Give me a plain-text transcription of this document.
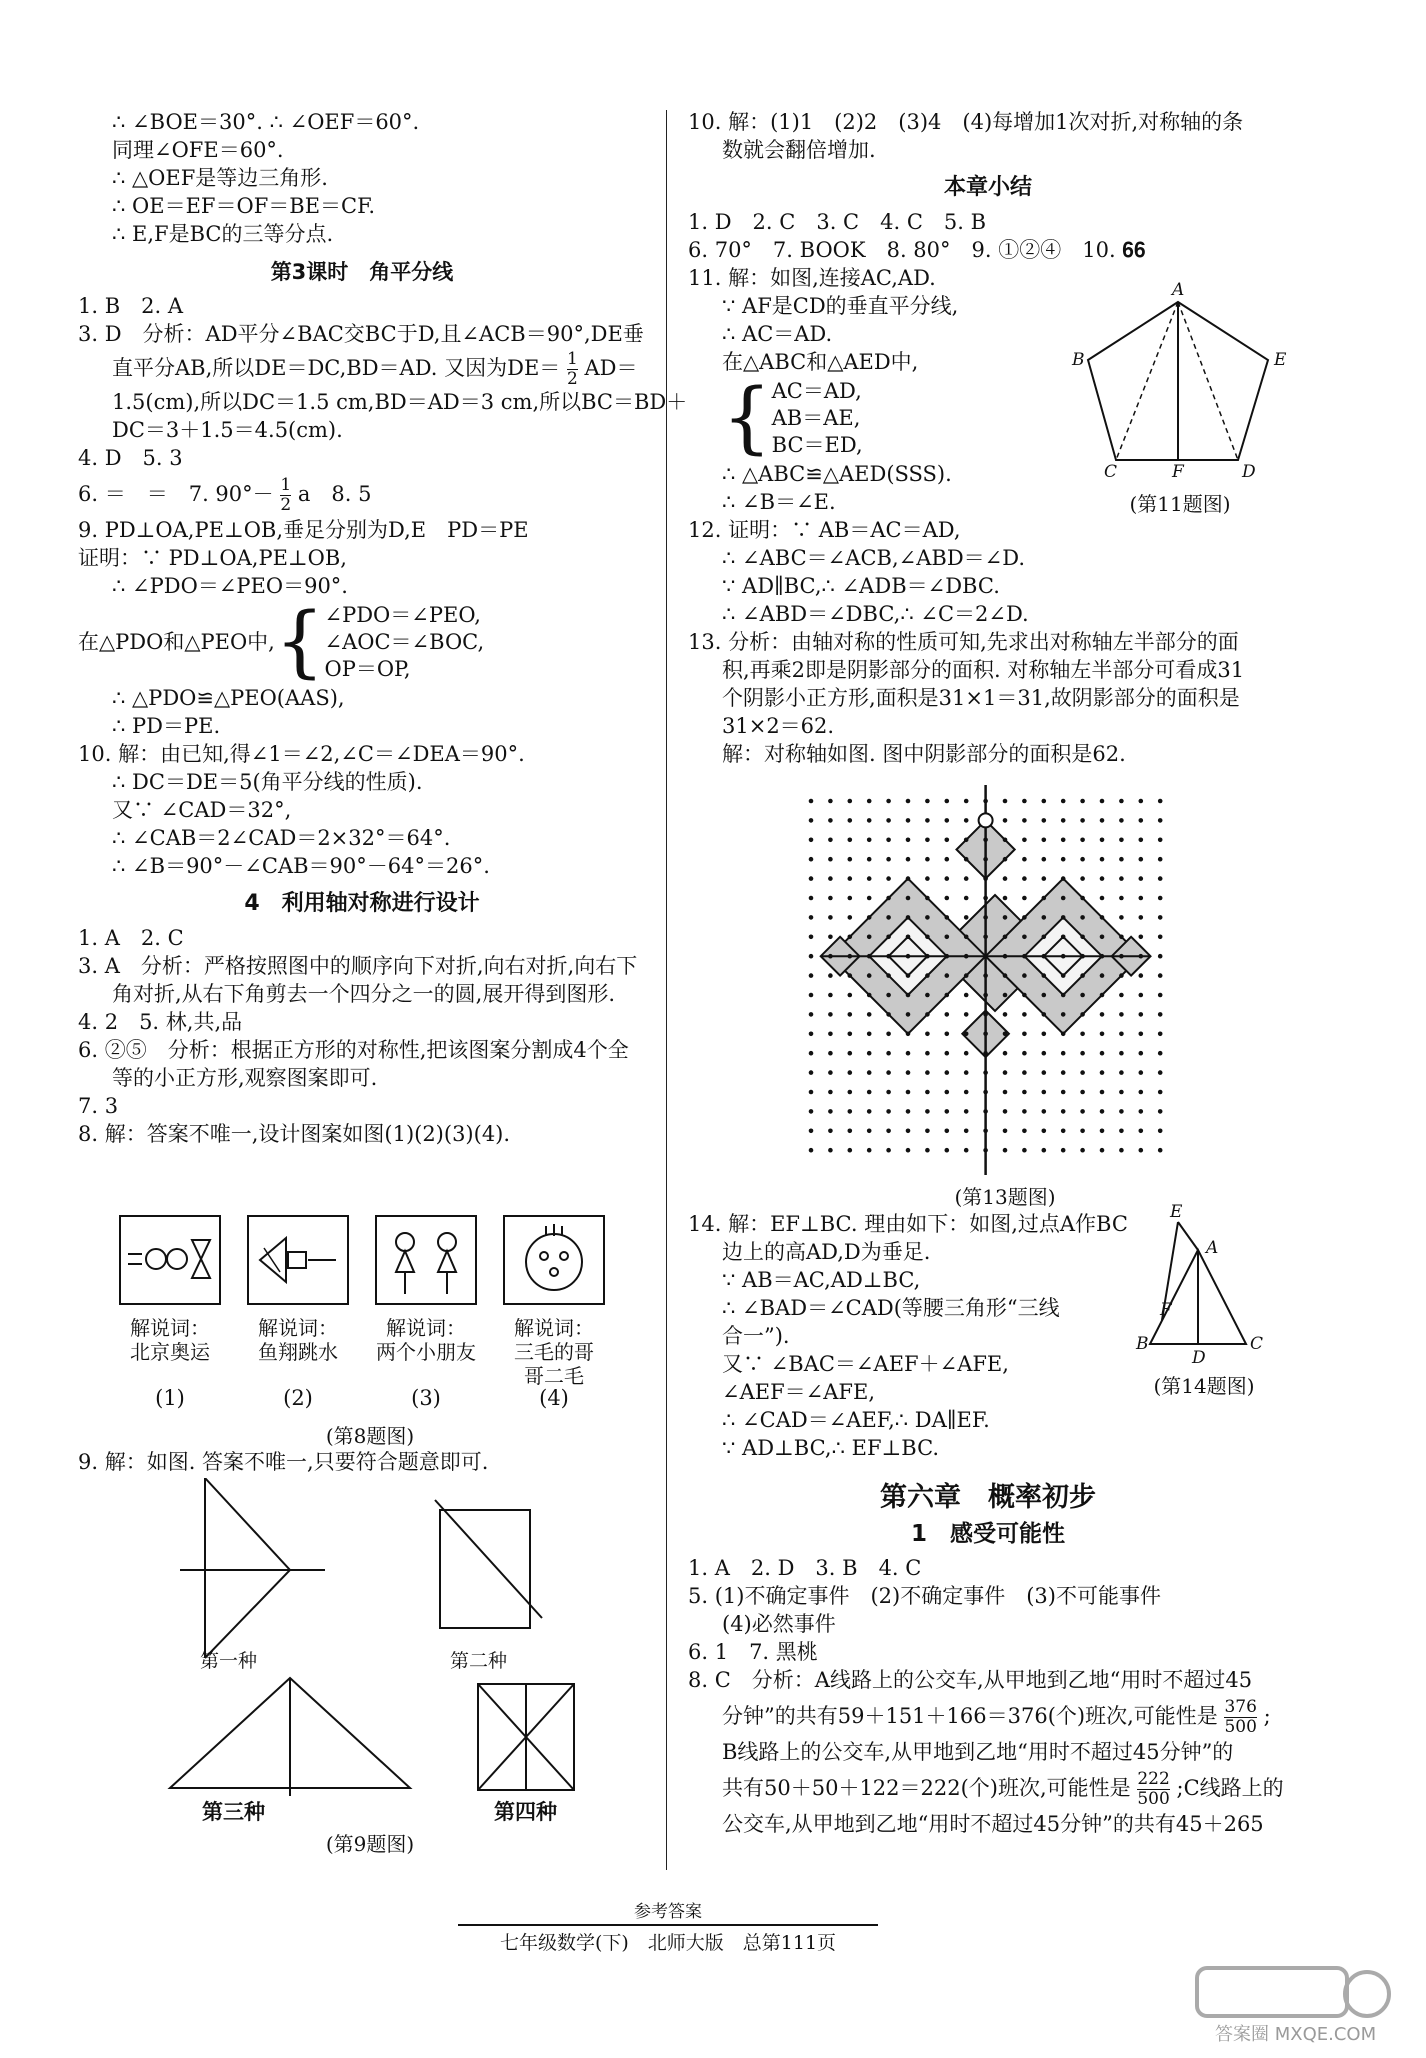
∴ ∠BOE＝30°. ∴ ∠OEF＝60°.
同理∠OFE＝60°.
∴ △OEF是等边三角形.
∴ OE＝EF＝OF＝BE＝CF.
∴ E,F是BC的三等分点.
第3课时　角平分线
1. B　2. A
3. D　分析：AD平分∠BAC交BC于D,且∠ACB＝90°,DE垂
直平分AB,所以DE＝DC,BD＝AD. 又因为$DE= \frac{1}{2} AD=$
1.5(cm),所以DC＝1.5 cm,BD＝AD＝3 cm,所以BC＝BD＋
DC＝3＋1.5＝4.5(cm).
4. D　5. 3
6. ＝　＝　7. $90^\circ- \frac{1}{2}$ a　8. 5
9. PD⊥OA,PE⊥OB,垂足分别为D,E　PD＝PE
证明：∵ PD⊥OA,PE⊥OB,
∴ ∠PDO＝∠PEO＝90°.
在△PDO和△PEO中, { ∠PDO＝∠PEO,
∠AOC＝∠BOC,
OP＝OP,
∴ △PDO≌△PEO(AAS),
∴ PD＝PE.
10. 解：由已知,得∠1＝∠2,∠C＝∠DEA＝90°.
∴ DC＝DE＝5(角平分线的性质).
又∵ ∠CAD＝32°,
∴ ∠CAB＝2∠CAD＝2×32°＝64°.
∴ ∠B＝90°－∠CAB＝90°－64°＝26°.
4　利用轴对称进行设计
1. A　2. C
3. A　分析：严格按照图中的顺序向下对折,向右对折,向右下
角对折,从右下角剪去一个四分之一的圆,展开得到图形.
4. 2　5. 林,共,品
6. ②⑤　分析：根据正方形的对称性,把该图案分割成4个全
等的小正方形,观察图案即可.
7. 3
8. 解：答案不唯一,设计图案如图(1)(2)(3)(4).
解说词：
北京奥运
解说词：
鱼翔跳水
解说词：
两个小朋友
解说词：
三毛的哥
哥二毛
(1)	(2)	(3)	(4)
(第8题图)
9. 解：如图. 答案不唯一,只要符合题意即可.
第一种	第二种
第三种	第四种
(第9题图)
10. 解：(1)1　(2)2　(3)4　(4)每增加1次对折,对称轴的条
数就会翻倍增加.
本章小结
1. D　2. C　3. C　4. C　5. B
6. 70°　7. BOOK　8. 80°　9. ①②④　10. 𝟔𝟔
11. 解：如图,连接AC,AD.
∵ AF是CD的垂直平分线,
∴ AC＝AD.
在△ABC和△AED中,
{ AC＝AD,
AB＝AE,
BC＝ED,
∴ △ABC≌△AED(SSS).
∴ ∠B＝∠E.
12. 证明：∵ AB＝AC＝AD,
∴ ∠ABC＝∠ACB,∠ABD＝∠D.
∵ AD∥BC,∴ ∠ADB＝∠DBC.
∴ ∠ABD＝∠DBC,∴ ∠C＝2∠D.
13. 分析：由轴对称的性质可知,先求出对称轴左半部分的面
积,再乘2即是阴影部分的面积. 对称轴左半部分可看成31
个阴影小正方形,面积是31×1＝31,故阴影部分的面积是
31×2＝62.
解：对称轴如图. 图中阴影部分的面积是62.
A
B	E
C	F	D
(第11题图)
(第13题图)
14. 解：EF⊥BC. 理由如下：如图,过点A作BC
边上的高AD,D为垂足.
∵ AB＝AC,AD⊥BC,
∴ ∠BAD＝∠CAD(等腰三角形“三线
合一”).
又∵ ∠BAC＝∠AEF＋∠AFE,
∠AEF＝∠AFE,
∴ ∠CAD＝∠AEF,∴ DA∥EF.
∵ AD⊥BC,∴ EF⊥BC.
E
A
F
B
D
C
(第14题图)
第六章　概率初步
1　感受可能性
1. A　2. D　3. B　4. C
5. (1)不确定事件　(2)不确定事件　(3)不可能事件
(4)必然事件
6. 1　7. 黑桃
8. C　分析：A线路上的公交车,从甲地到乙地“用时不超过45
分钟”的共有59＋151＋166＝376(个)班次,可能性是 $\frac{376}{500}$ ;
B线路上的公交车,从甲地到乙地“用时不超过45分钟”的
共有50＋50＋122＝222(个)班次,可能性是 $\frac{222}{500}$ ;C线路上的
公交车,从甲地到乙地“用时不超过45分钟”的共有45＋265
参考答案
七年级数学(下)　北师大版　总第111页
答案圈 MXQE.COM
